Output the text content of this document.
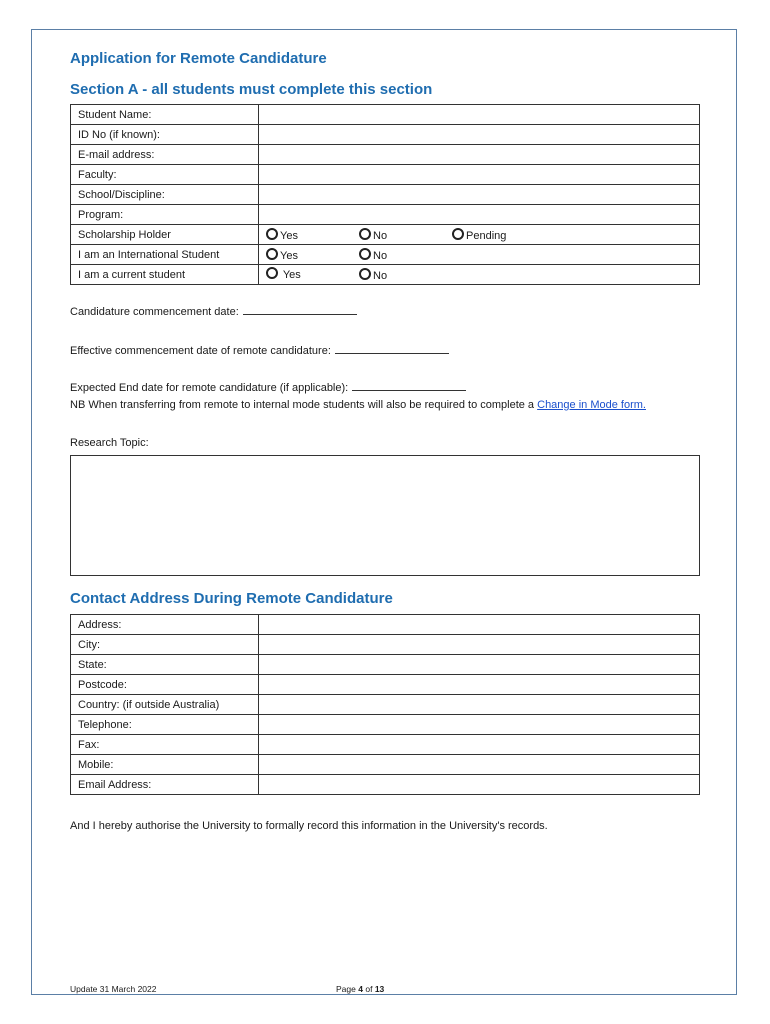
Application for Remote Candidature
Section A - all students must complete this section
Student Name:	
ID No (if known):	
E-mail address:	
Faculty:	
School/Discipline:	
Program:	
Scholarship Holder	Yes No Pending

I am an International Student	Yes No

I am a current student	Yes No
Candidature commencement date:
Effective commencement date of remote candidature:
Expected End date for remote candidature (if applicable):
NB When transferring from remote to internal mode students will also be required to complete a Change in Mode form.
Research Topic:
Contact Address During Remote Candidature
Address:	
City:	
State:	
Postcode:	
Country: (if outside Australia)	
Telephone:	
Fax:	
Mobile:	
Email Address:	
And I hereby authorise the University to formally record this information in the University's records.
Update 31 March 2022	Page 4 of 13
